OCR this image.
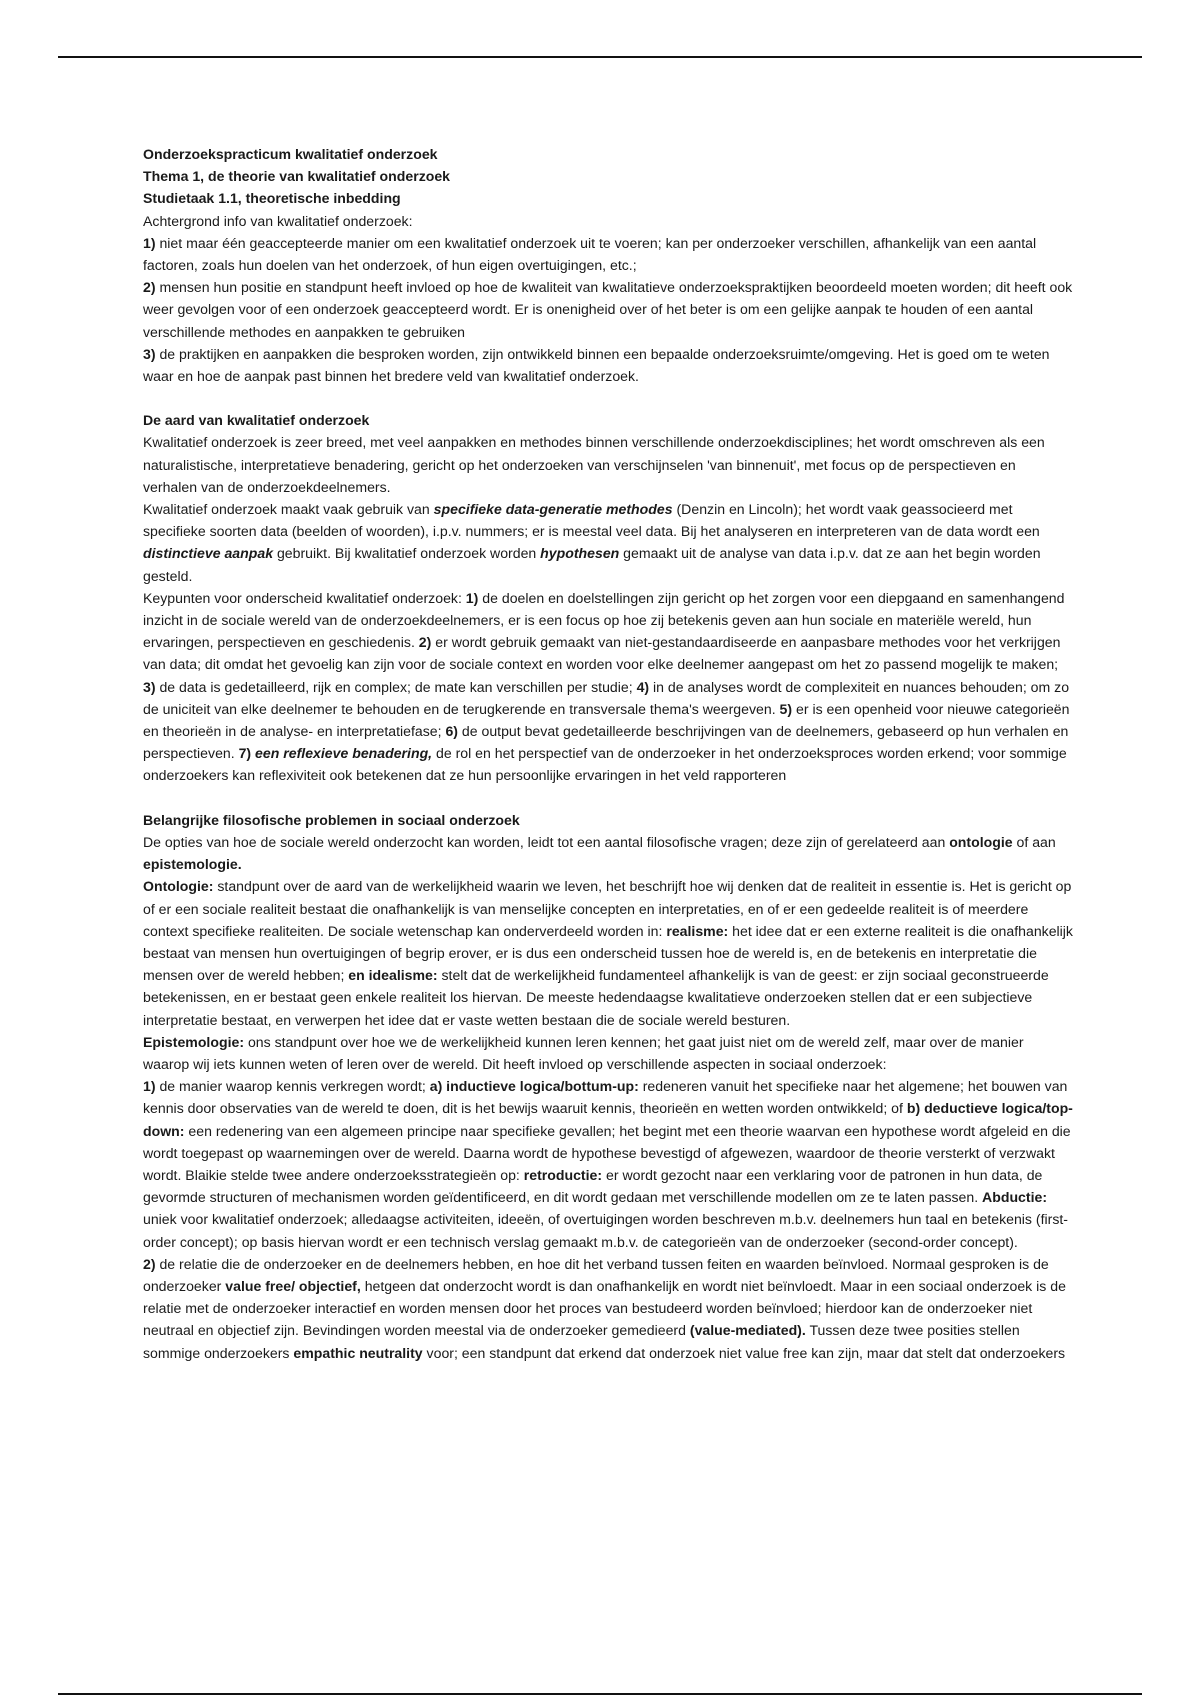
Onderzoekspracticum kwalitatief onderzoek

Thema 1, de theorie van kwalitatief onderzoek

Studietaak 1.1, theoretische inbedding

Achtergrond info van kwalitatief onderzoek:

1) niet maar één geaccepteerde manier om een kwalitatief onderzoek uit te voeren; kan per onderzoeker verschillen, afhankelijk van een aantal factoren, zoals hun doelen van het onderzoek, of hun eigen overtuigingen, etc.;

2) mensen hun positie en standpunt heeft invloed op hoe de kwaliteit van kwalitatieve onderzoekspraktijken beoordeeld moeten worden; dit heeft ook weer gevolgen voor of een onderzoek geaccepteerd wordt. Er is onenigheid over of het beter is om een gelijke aanpak te houden of een aantal verschillende methodes en aanpakken te gebruiken

3) de praktijken en aanpakken die besproken worden, zijn ontwikkeld binnen een bepaalde onderzoeksruimte/omgeving. Het is goed om te weten waar en hoe de aanpak past binnen het bredere veld van kwalitatief onderzoek.

De aard van kwalitatief onderzoek

Kwalitatief onderzoek is zeer breed, met veel aanpakken en methodes binnen verschillende onderzoekdisciplines; het wordt omschreven als een naturalistische, interpretatieve benadering, gericht op het onderzoeken van verschijnselen 'van binnenuit', met focus op de perspectieven en verhalen van de onderzoekdeelnemers.

Kwalitatief onderzoek maakt vaak gebruik van specifieke data-generatie methodes (Denzin en Lincoln); het wordt vaak geassocieerd met specifieke soorten data (beelden of woorden), i.p.v. nummers; er is meestal veel data. Bij het analyseren en interpreteren van de data wordt een distinctieve aanpak gebruikt. Bij kwalitatief onderzoek worden hypothesen gemaakt uit de analyse van data i.p.v. dat ze aan het begin worden gesteld.

Keypunten voor onderscheid kwalitatief onderzoek: 1) de doelen en doelstellingen zijn gericht op het zorgen voor een diepgaand en samenhangend inzicht in de sociale wereld van de onderzoekdeelnemers, er is een focus op hoe zij betekenis geven aan hun sociale en materiële wereld, hun ervaringen, perspectieven en geschiedenis. 2) er wordt gebruik gemaakt van niet-gestandaardiseerde en aanpasbare methodes voor het verkrijgen van data; dit omdat het gevoelig kan zijn voor de sociale context en worden voor elke deelnemer aangepast om het zo passend mogelijk te maken; 3) de data is gedetailleerd, rijk en complex; de mate kan verschillen per studie; 4) in de analyses wordt de complexiteit en nuances behouden; om zo de uniciteit van elke deelnemer te behouden en de terugkerende en transversale thema's weergeven. 5) er is een openheid voor nieuwe categorieën en theorieën in de analyse- en interpretatiefase; 6) de output bevat gedetailleerde beschrijvingen van de deelnemers, gebaseerd op hun verhalen en perspectieven. 7) een reflexieve benadering, de rol en het perspectief van de onderzoeker in het onderzoeksproces worden erkend; voor sommige onderzoekers kan reflexiviteit ook betekenen dat ze hun persoonlijke ervaringen in het veld rapporteren

Belangrijke filosofische problemen in sociaal onderzoek

De opties van hoe de sociale wereld onderzocht kan worden, leidt tot een aantal filosofische vragen; deze zijn of gerelateerd aan ontologie of aan epistemologie.

Ontologie: standpunt over de aard van de werkelijkheid waarin we leven, het beschrijft hoe wij denken dat de realiteit in essentie is. Het is gericht op of er een sociale realiteit bestaat die onafhankelijk is van menselijke concepten en interpretaties, en of er een gedeelde realiteit is of meerdere context specifieke realiteiten. De sociale wetenschap kan onderverdeeld worden in: realisme: het idee dat er een externe realiteit is die onafhankelijk bestaat van mensen hun overtuigingen of begrip erover, er is dus een onderscheid tussen hoe de wereld is, en de betekenis en interpretatie die mensen over de wereld hebben; en idealisme: stelt dat de werkelijkheid fundamenteel afhankelijk is van de geest: er zijn sociaal geconstrueerde betekenissen, en er bestaat geen enkele realiteit los hiervan. De meeste hedendaagse kwalitatieve onderzoeken stellen dat er een subjectieve interpretatie bestaat, en verwerpen het idee dat er vaste wetten bestaan die de sociale wereld besturen.

Epistemologie: ons standpunt over hoe we de werkelijkheid kunnen leren kennen; het gaat juist niet om de wereld zelf, maar over de manier waarop wij iets kunnen weten of leren over de wereld. Dit heeft invloed op verschillende aspecten in sociaal onderzoek:

1) de manier waarop kennis verkregen wordt; a) inductieve logica/bottum-up: redeneren vanuit het specifieke naar het algemene; het bouwen van kennis door observaties van de wereld te doen, dit is het bewijs waaruit kennis, theorieën en wetten worden ontwikkeld; of b) deductieve logica/top-down: een redenering van een algemeen principe naar specifieke gevallen; het begint met een theorie waarvan een hypothese wordt afgeleid en die wordt toegepast op waarnemingen over de wereld. Daarna wordt de hypothese bevestigd of afgewezen, waardoor de theorie versterkt of verzwakt wordt. Blaikie stelde twee andere onderzoeksstrategieën op: retroductie: er wordt gezocht naar een verklaring voor de patronen in hun data, de gevormde structuren of mechanismen worden geïdentificeerd, en dit wordt gedaan met verschillende modellen om ze te laten passen. Abductie: uniek voor kwalitatief onderzoek; alledaagse activiteiten, ideeën, of overtuigingen worden beschreven m.b.v. deelnemers hun taal en betekenis (first-order concept); op basis hiervan wordt er een technisch verslag gemaakt m.b.v. de categorieën van de onderzoeker (second-order concept).

2) de relatie die de onderzoeker en de deelnemers hebben, en hoe dit het verband tussen feiten en waarden beïnvloed. Normaal gesproken is de onderzoeker value free/ objectief, hetgeen dat onderzocht wordt is dan onafhankelijk en wordt niet beïnvloedt. Maar in een sociaal onderzoek is de relatie met de onderzoeker interactief en worden mensen door het proces van bestudeerd worden beïnvloed; hierdoor kan de onderzoeker niet neutraal en objectief zijn. Bevindingen worden meestal via de onderzoeker gemedieerd (value-mediated). Tussen deze twee posities stellen sommige onderzoekers empathic neutrality voor; een standpunt dat erkend dat onderzoek niet value free kan zijn, maar dat stelt dat onderzoekers
